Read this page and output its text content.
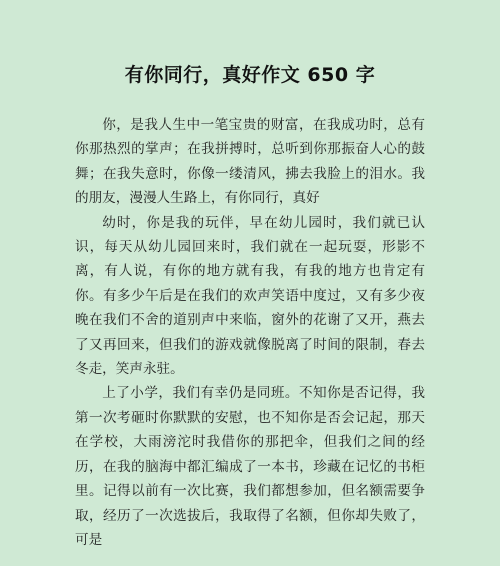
有你同行，真好作文 650 字

你，是我人生中一笔宝贵的财富，在我成功时，总有你那热烈的掌声；在我拼搏时，总听到你那振奋人心的鼓舞；在我失意时，你像一缕清风，拂去我脸上的泪水。我的朋友，漫漫人生路上，有你同行，真好

幼时，你是我的玩伴，早在幼儿园时，我们就已认识，每天从幼儿园回来时，我们就在一起玩耍，形影不离，有人说，有你的地方就有我，有我的地方也肯定有你。有多少午后是在我们的欢声笑语中度过，又有多少夜晚在我们不舍的道别声中来临，窗外的花谢了又开，燕去了又再回来，但我们的游戏就像脱离了时间的限制，春去冬走，笑声永驻。

上了小学，我们有幸仍是同班。不知你是否记得，我第一次考砸时你默默的安慰，也不知你是否会记起，那天在学校，大雨滂沱时我借你的那把伞，但我们之间的经历，在我的脑海中都汇编成了一本书，珍藏在记忆的书柜里。记得以前有一次比赛，我们都想参加，但名额需要争取，经历了一次选拔后，我取得了名额，但你却失败了，可是
